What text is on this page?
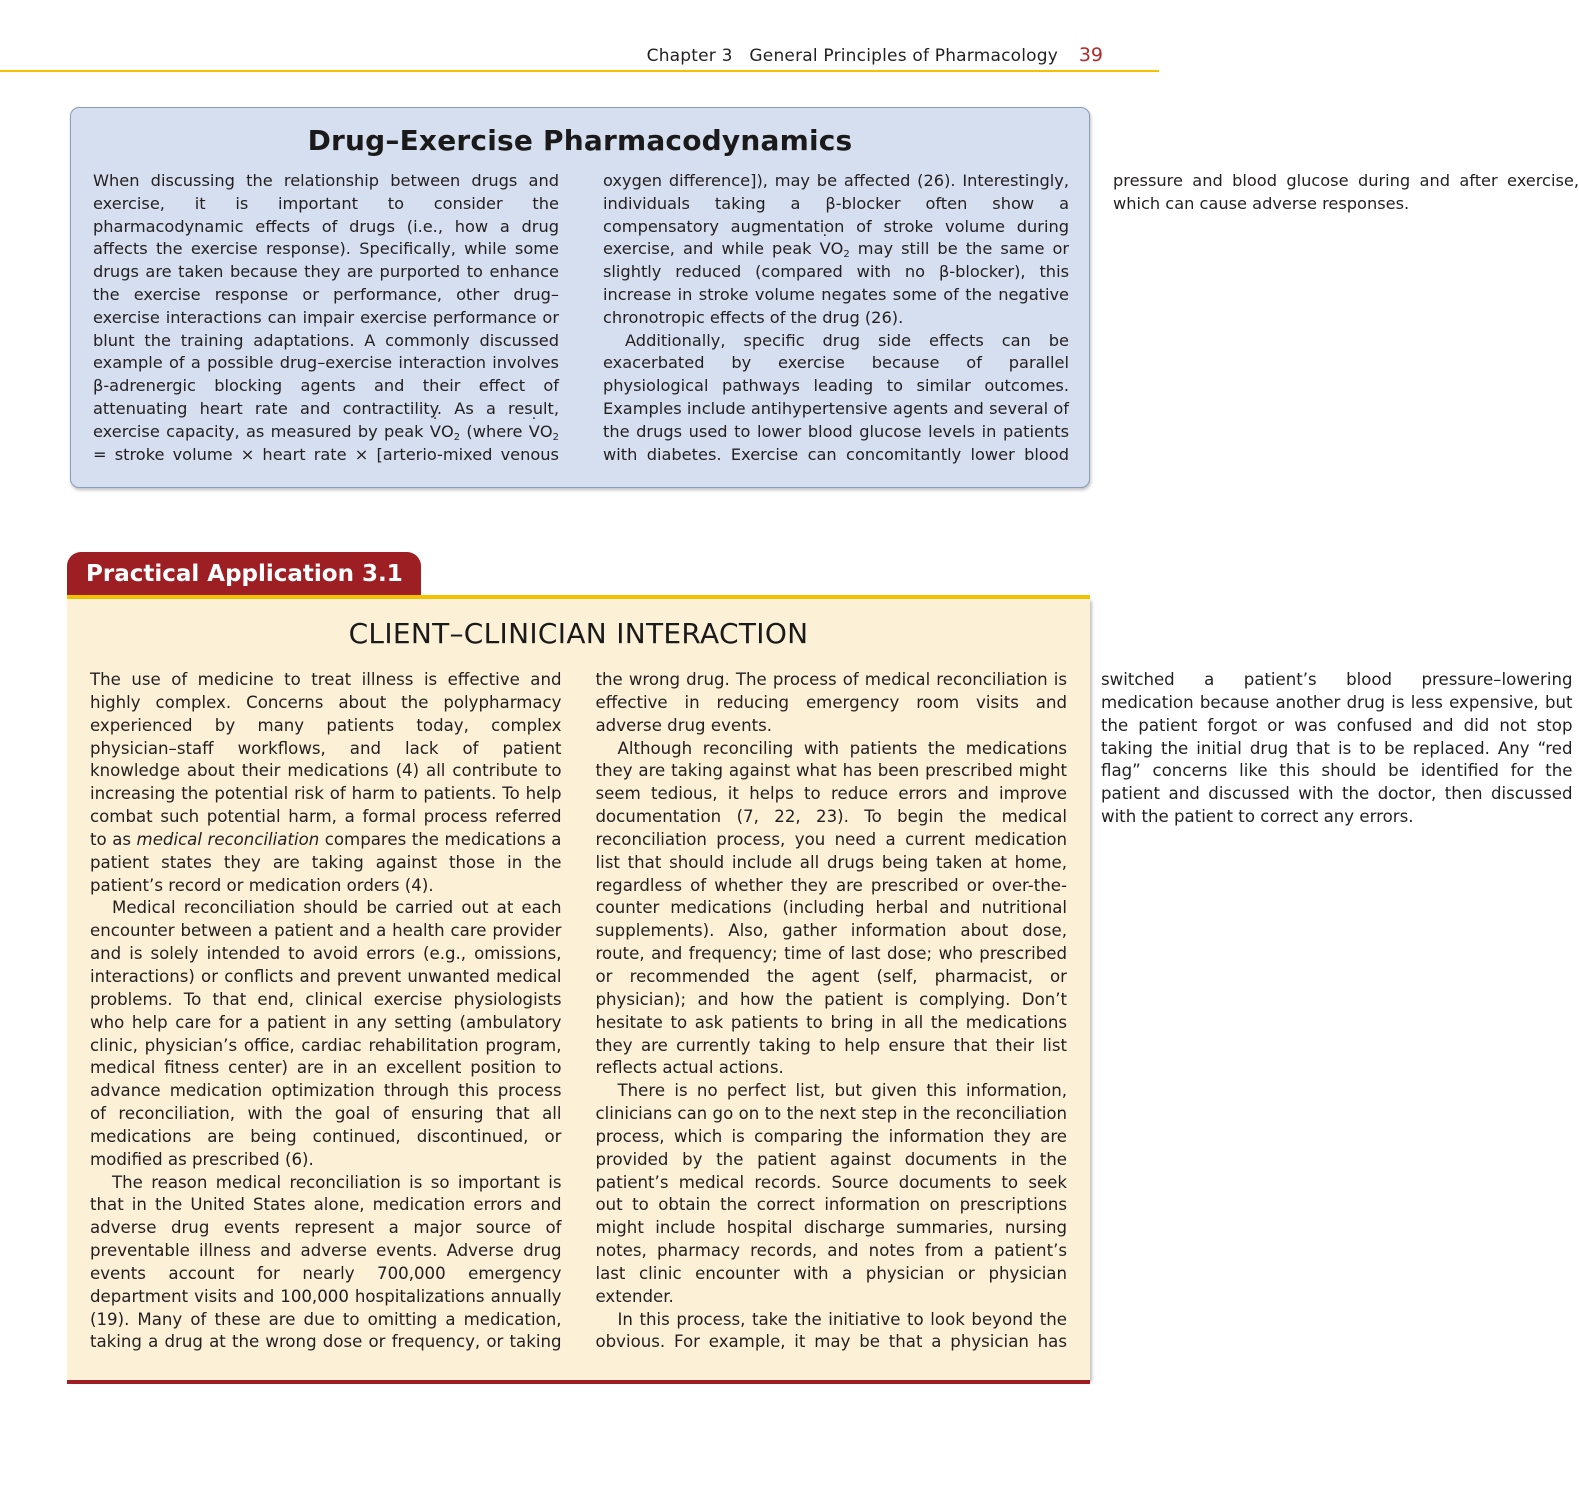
Chapter 3   General Principles of Pharmacology 39
Drug–Exercise Pharmacodynamics

When discussing the relationship between drugs and exercise, it is important to consider the pharmacodynamic effects of drugs (i.e., how a drug affects the exercise response). Specifically, while some drugs are taken because they are purported to enhance the exercise response or performance, other drug–exercise interactions can impair exercise performance or blunt the training adaptations. A commonly discussed example of a possible drug–exercise interaction involves β-adrenergic blocking agents and their effect of attenuating heart rate and contractility. As a result, exercise capacity, as measured by peak · $VO_2$ (where · $VO_2$ = stroke volume × heart rate × [arterio-mixed venous oxygen difference]), may be affected (26). Interestingly, individuals taking a β-blocker often show a compensatory augmentation of stroke volume during exercise, and while peak · $VO_2$ may still be the same or slightly reduced (compared with no β-blocker), this increase in stroke volume negates some of the negative chronotropic effects of the drug (26).

Additionally, specific drug side effects can be exacerbated by exercise because of parallel physiological pathways leading to similar outcomes. Examples include antihypertensive agents and several of the drugs used to lower blood glucose levels in patients with diabetes. Exercise can concomitantly lower blood pressure and blood glucose during and after exercise, which can cause adverse responses.

Practical Application 3.1
CLIENT–CLINICIAN INTERACTION

The use of medicine to treat illness is effective and highly complex. Concerns about the polypharmacy experienced by many patients today, complex physician–staff workflows, and lack of patient knowledge about their medications (4) all contribute to increasing the potential risk of harm to patients. To help combat such potential harm, a formal process referred to as medical reconciliation compares the medications a patient states they are taking against those in the patient’s record or medication orders (4).

Medical reconciliation should be carried out at each encounter between a patient and a health care provider and is solely intended to avoid errors (e.g., omissions, interactions) or conflicts and prevent unwanted medical problems. To that end, clinical exercise physiologists who help care for a patient in any setting (ambulatory clinic, physician’s office, cardiac rehabilitation program, medical fitness center) are in an excellent position to advance medication optimization through this process of reconciliation, with the goal of ensuring that all medications are being continued, discontinued, or modified as prescribed (6).

The reason medical reconciliation is so important is that in the United States alone, medication errors and adverse drug events represent a major source of preventable illness and adverse events. Adverse drug events account for nearly 700,000 emergency department visits and 100,000 hospitalizations annually (19). Many of these are due to omitting a medication, taking a drug at the wrong dose or frequency, or taking the wrong drug. The process of medical reconciliation is effective in reducing emergency room visits and adverse drug events.

Although reconciling with patients the medications they are taking against what has been prescribed might seem tedious, it helps to reduce errors and improve documentation (7, 22, 23). To begin the medical reconciliation process, you need a current medication list that should include all drugs being taken at home, regardless of whether they are prescribed or over-the-counter medications (including herbal and nutritional supplements). Also, gather information about dose, route, and frequency; time of last dose; who prescribed or recommended the agent (self, pharmacist, or physician); and how the patient is complying. Don’t hesitate to ask patients to bring in all the medications they are currently taking to help ensure that their list reflects actual actions.

There is no perfect list, but given this information, clinicians can go on to the next step in the reconciliation process, which is comparing the information they are provided by the patient against documents in the patient’s medical records. Source documents to seek out to obtain the correct information on prescriptions might include hospital discharge summaries, nursing notes, pharmacy records, and notes from a patient’s last clinic encounter with a physician or physician extender.

In this process, take the initiative to look beyond the obvious. For example, it may be that a physician has switched a patient’s blood pressure–lowering medication because another drug is less expensive, but the patient forgot or was confused and did not stop taking the initial drug that is to be replaced. Any “red flag” concerns like this should be identified for the patient and discussed with the doctor, then discussed with the patient to correct any errors.
